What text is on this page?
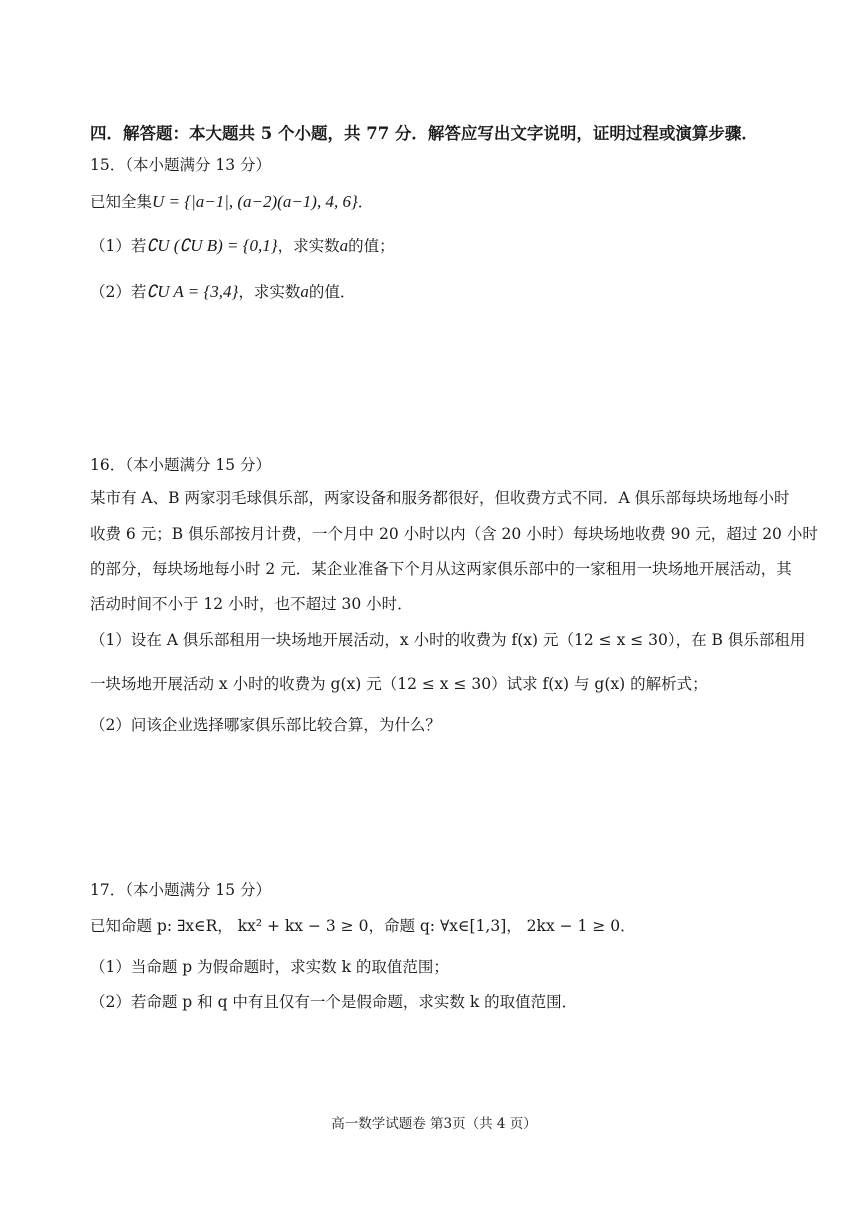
四．解答题：本大题共 5 个小题，共 77 分．解答应写出文字说明，证明过程或演算步骤．
15．（本小题满分 13 分）
已知全集U = {|a−1|, (a−2)(a−1), 4, 6}．
（1）若∁U (∁U B) = {0,1}，求实数a的值；
（2）若∁U A = {3,4}，求实数a的值．
16．（本小题满分 15 分）
某市有 A、B 两家羽毛球俱乐部，两家设备和服务都很好，但收费方式不同．A 俱乐部每块场地每小时
收费 6 元；B 俱乐部按月计费，一个月中 20 小时以内（含 20 小时）每块场地收费 90 元，超过 20 小时
的部分，每块场地每小时 2 元．某企业准备下个月从这两家俱乐部中的一家租用一块场地开展活动，其
活动时间不小于 12 小时，也不超过 30 小时．
（1）设在 A 俱乐部租用一块场地开展活动，x 小时的收费为 f(x) 元（12 ≤ x ≤ 30），在 B 俱乐部租用
一块场地开展活动 x 小时的收费为 g(x) 元（12 ≤ x ≤ 30）试求 f(x) 与 g(x) 的解析式；
（2）问该企业选择哪家俱乐部比较合算，为什么？
17．（本小题满分 15 分）
已知命题 p: ∃x∈R， kx² + kx − 3 ≥ 0，命题 q: ∀x∈[1,3]， 2kx − 1 ≥ 0．
（1）当命题 p 为假命题时，求实数 k 的取值范围；
（2）若命题 p 和 q 中有且仅有一个是假命题，求实数 k 的取值范围．
高一数学试题卷 第3页（共 4 页）
